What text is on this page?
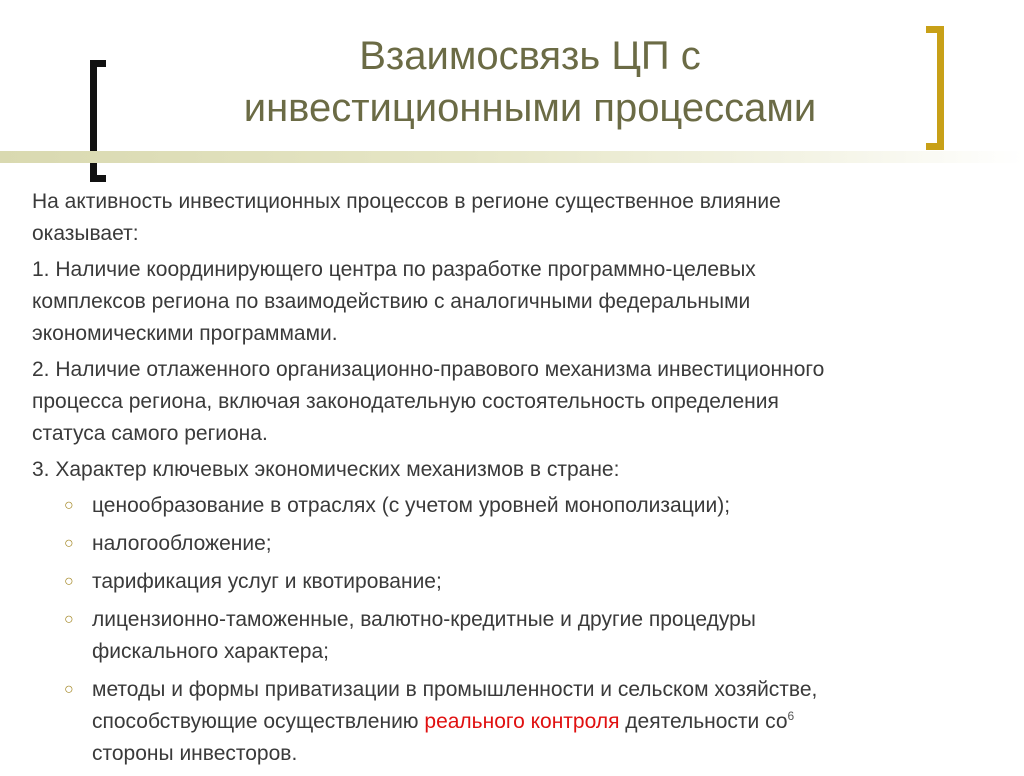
Взаимосвязь ЦП с
инвестиционными процессами
На активность инвестиционных процессов в регионе существенное влияние
оказывает:
1. Наличие координирующего центра по разработке программно-целевых
комплексов региона по взаимодействию с аналогичными федеральными
экономическими программами.
2. Наличие отлаженного организационно-правового механизма инвестиционного
процесса региона, включая законодательную состоятельность определения
статуса самого региона.
3. Характер ключевых экономических механизмов в стране:
○ ценообразование в отраслях (с учетом уровней монополизации);
○ налогообложение;
○ тарификация услуг и квотирование;
○ лицензионно-таможенные, валютно-кредитные и другие процедуры
фискального характера;
○ методы и формы приватизации в промышленности и сельском хозяйстве,
способствующие осуществлению реального контроля деятельности $со^6$
стороны инвесторов.
